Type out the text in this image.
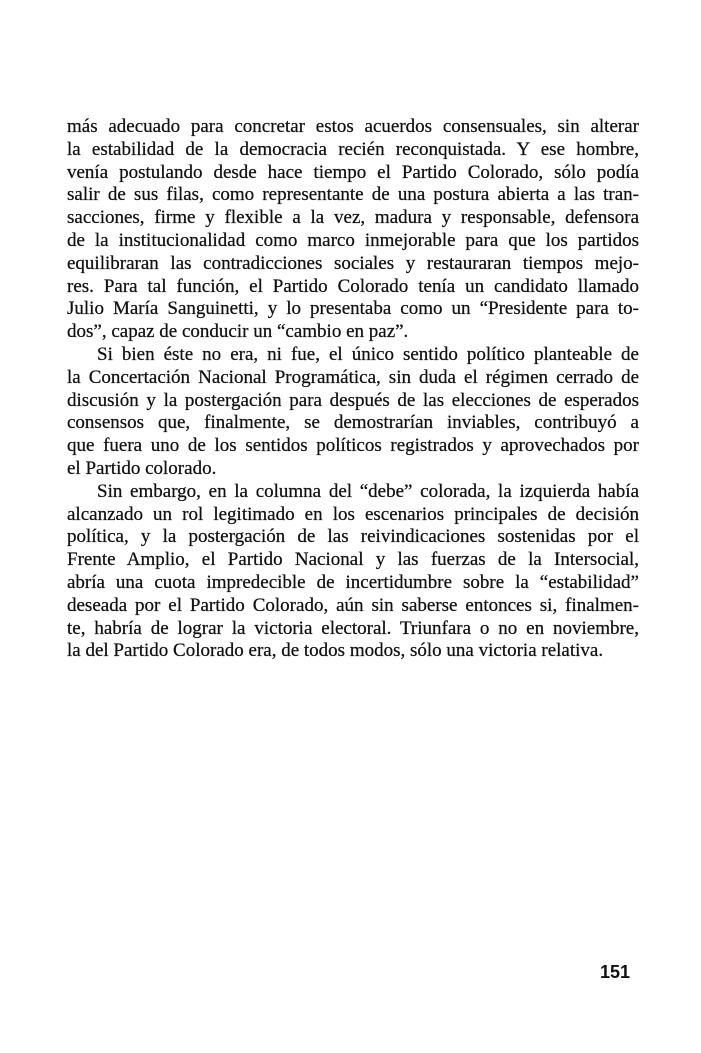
más adecuado para concretar estos acuerdos consensuales, sin alterar
la estabilidad de la democracia recién reconquistada. Y ese hombre,
venía postulando desde hace tiempo el Partido Colorado, sólo podía
salir de sus filas, como representante de una postura abierta a las tran-
sacciones, firme y flexible a la vez, madura y responsable, defensora
de la institucionalidad como marco inmejorable para que los partidos
equilibraran las contradicciones sociales y restauraran tiempos mejo-
res. Para tal función, el Partido Colorado tenía un candidato llamado
Julio María Sanguinetti, y lo presentaba como un “Presidente para to-
dos”, capaz de conducir un “cambio en paz”.
Si bien éste no era, ni fue, el único sentido político planteable de
la Concertación Nacional Programática, sin duda el régimen cerrado de
discusión y la postergación para después de las elecciones de esperados
consensos que, finalmente, se demostrarían inviables, contribuyó a
que fuera uno de los sentidos políticos registrados y aprovechados por
el Partido colorado.
Sin embargo, en la columna del “debe” colorada, la izquierda había
alcanzado un rol legitimado en los escenarios principales de decisión
política, y la postergación de las reivindicaciones sostenidas por el
Frente Amplio, el Partido Nacional y las fuerzas de la Intersocial,
abría una cuota impredecible de incertidumbre sobre la “estabilidad”
deseada por el Partido Colorado, aún sin saberse entonces si, finalmen-
te, habría de lograr la victoria electoral. Triunfara o no en noviembre,
la del Partido Colorado era, de todos modos, sólo una victoria relativa.
151
